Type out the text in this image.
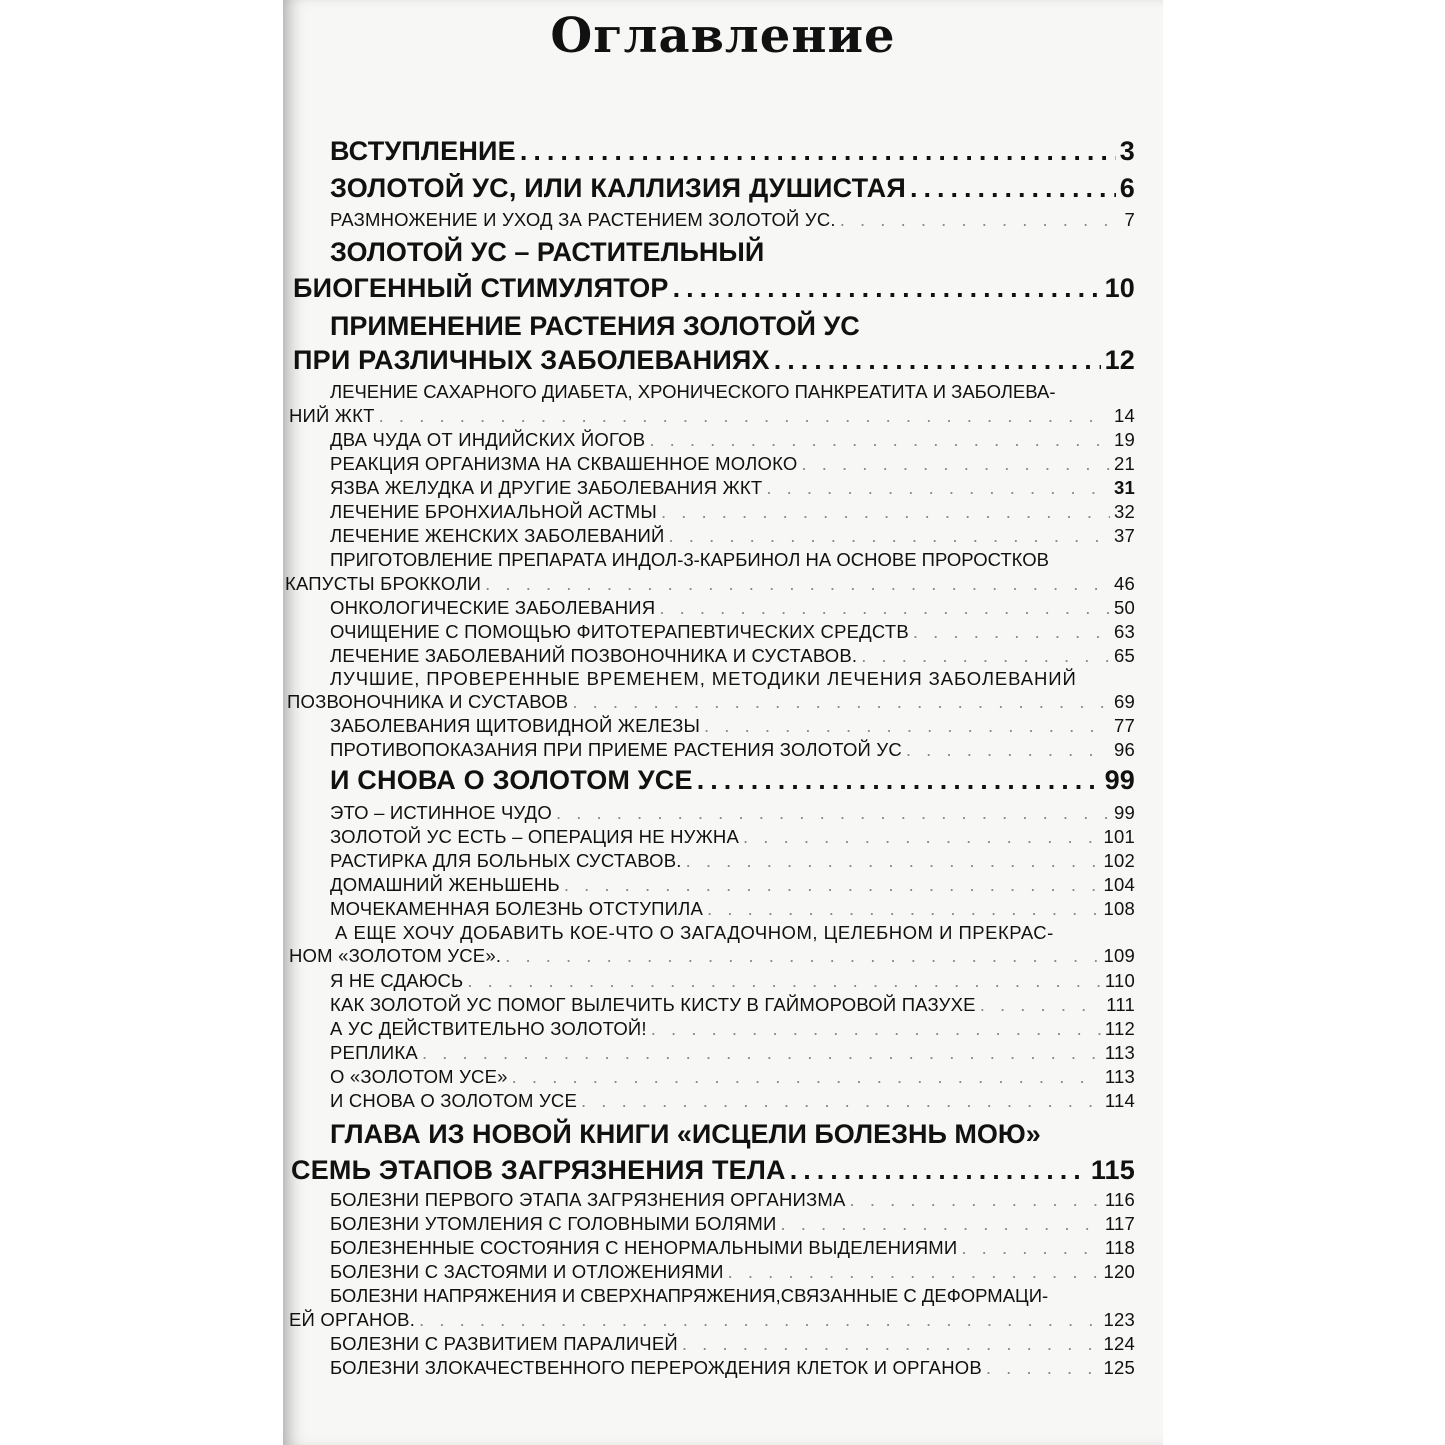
Оглавление
ВСТУПЛЕНИЕ .....	3
ЗОЛОТОЙ УС, ИЛИ КАЛЛИЗИЯ ДУШИСТАЯ .....	6
РАЗМНОЖЕНИЕ И УХОД ЗА РАСТЕНИЕМ ЗОЛОТОЙ УС. . .	7
ЗОЛОТОЙ УС – РАСТИТЕЛЬНЫЙ
БИОГЕННЫЙ СТИМУЛЯТОР .....	10
ПРИМЕНЕНИЕ РАСТЕНИЯ ЗОЛОТОЙ УС
ПРИ РАЗЛИЧНЫХ ЗАБОЛЕВАНИЯХ .....	12
ЛЕЧЕНИЕ САХАРНОГО ДИАБЕТА, ХРОНИЧЕСКОГО ПАНКРЕАТИТА И ЗАБОЛЕВА-
НИЙ ЖКТ . .	14
ДВА ЧУДА ОТ ИНДИЙСКИХ ЙОГОВ . .	19
РЕАКЦИЯ ОРГАНИЗМА НА СКВАШЕННОЕ МОЛОКО . .	21
ЯЗВА ЖЕЛУДКА И ДРУГИЕ ЗАБОЛЕВАНИЯ ЖКТ . .	31
ЛЕЧЕНИЕ БРОНХИАЛЬНОЙ АСТМЫ . .	32
ЛЕЧЕНИЕ ЖЕНСКИХ ЗАБОЛЕВАНИЙ . .	37
ПРИГОТОВЛЕНИЕ ПРЕПАРАТА ИНДОЛ-3-КАРБИНОЛ НА ОСНОВЕ ПРОРОСТКОВ
КАПУСТЫ БРОККОЛИ . .	46
ОНКОЛОГИЧЕСКИЕ ЗАБОЛЕВАНИЯ . .	50
ОЧИЩЕНИЕ С ПОМОЩЬЮ ФИТОТЕРАПЕВТИЧЕСКИХ СРЕДСТВ . .	63
ЛЕЧЕНИЕ ЗАБОЛЕВАНИЙ ПОЗВОНОЧНИКА И СУСТАВОВ. . .	65
ЛУЧШИЕ, ПРОВЕРЕННЫЕ ВРЕМЕНЕМ, МЕТОДИКИ ЛЕЧЕНИЯ ЗАБОЛЕВАНИЙ
ПОЗВОНОЧНИКА И СУСТАВОВ . .	69
ЗАБОЛЕВАНИЯ ЩИТОВИДНОЙ ЖЕЛЕЗЫ . .	77
ПРОТИВОПОКАЗАНИЯ ПРИ ПРИЕМЕ РАСТЕНИЯ ЗОЛОТОЙ УС . .	96
И СНОВА О ЗОЛОТОМ УСЕ .....	99
ЭТО – ИСТИННОЕ ЧУДО . .	99
ЗОЛОТОЙ УС ЕСТЬ – ОПЕРАЦИЯ НЕ НУЖНА . .	101
РАСТИРКА ДЛЯ БОЛЬНЫХ СУСТАВОВ. . .	102
ДОМАШНИЙ ЖЕНЬШЕНЬ . .	104
МОЧЕКАМЕННАЯ БОЛЕЗНЬ ОТСТУПИЛА . .	108
А ЕЩЕ ХОЧУ ДОБАВИТЬ КОЕ-ЧТО О ЗАГАДОЧНОМ, ЦЕЛЕБНОМ И ПРЕКРАС-
НОМ «ЗОЛОТОМ УСЕ». . .	109
Я НЕ СДАЮСЬ . .	110
КАК ЗОЛОТОЙ УС ПОМОГ ВЫЛЕЧИТЬ КИСТУ В ГАЙМОРОВОЙ ПАЗУХЕ . .	111
А УС ДЕЙСТВИТЕЛЬНО ЗОЛОТОЙ! . .	112
РЕПЛИКА . .	113
О «ЗОЛОТОМ УСЕ» . .	113
И СНОВА О ЗОЛОТОМ УСЕ . .	114
ГЛАВА ИЗ НОВОЙ КНИГИ «ИСЦЕЛИ БОЛЕЗНЬ МОЮ»
СЕМЬ ЭТАПОВ ЗАГРЯЗНЕНИЯ ТЕЛА .....	115
БОЛЕЗНИ ПЕРВОГО ЭТАПА ЗАГРЯЗНЕНИЯ ОРГАНИЗМА . .	116
БОЛЕЗНИ УТОМЛЕНИЯ С ГОЛОВНЫМИ БОЛЯМИ . .	117
БОЛЕЗНЕННЫЕ СОСТОЯНИЯ С НЕНОРМАЛЬНЫМИ ВЫДЕЛЕНИЯМИ . .	118
БОЛЕЗНИ С ЗАСТОЯМИ И ОТЛОЖЕНИЯМИ . .	120
БОЛЕЗНИ НАПРЯЖЕНИЯ И СВЕРХНАПРЯЖЕНИЯ,СВЯЗАННЫЕ С ДЕФОРМАЦИ-
ЕЙ ОРГАНОВ. . .	123
БОЛЕЗНИ С РАЗВИТИЕМ ПАРАЛИЧЕЙ . .	124
БОЛЕЗНИ ЗЛОКАЧЕСТВЕННОГО ПЕРЕРОЖДЕНИЯ КЛЕТОК И ОРГАНОВ . .	125
